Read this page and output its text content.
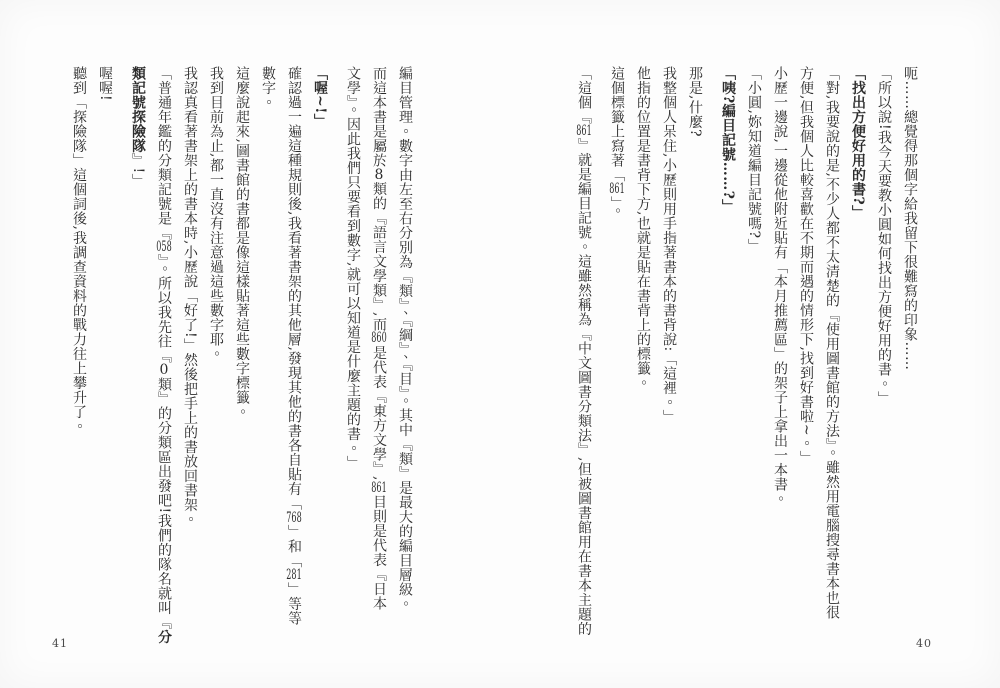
呃……總覺得那個字給我留下很難寫的印象……
「所以說!我今天要教小圓如何找出方便好用的書。」
「找出方便好用的書?」
「對,我要說的是,不少人都不太清楚的『使用圖書館的方法』。雖然用電腦搜尋書本也很
方便,但我個人比較喜歡在不期而遇的情形下,找到好書啦~。」
小歷一邊說,一邊從他附近貼有「本月推薦區」的架子上拿出一本書。
「小圓,妳知道編目記號嗎?」
「咦?編目記號……?」
那是,什麼?
我整個人呆住,小歷則用手指著書本的書背說:「這裡。」
他指的位置是書背下方,也就是貼在書背上的標籤。
這個標籤上寫著「861」。
「這個『861』就是編目記號。這雖然稱為『中文圖書分類法』,但被圖書館用在書本主題的
40
編目管理。數字由左至右分別為『類』、『綱』、『目』。其中『類』是最大的編目層級。
而這本書是屬於8類的『語言文學類』,而860是代表『東方文學』,861目則是代表『日本
文學』。因此我們只要看到數字,就可以知道是什麼主題的書。」
「喔~!」
確認過一遍這種規則後,我看著書架的其他層,發現其他的書各自貼有「768」和「281」等等
數字。
這麼說起來,圖書館的書都是像這樣貼著這些數字標籤。
我到目前為止,都一直沒有注意過這些數字耶。
我認真看著書架上的書本時,小歷說「好了!」然後把手上的書放回書架。
「普通年鑑的分類記號是『058』。所以我先往『0類』的分類區出發吧!我們的隊名就叫『分
類記號探險隊』!」
喔喔!
聽到「探險隊」這個詞後,我調查資料的戰力往上攀升了。
41
